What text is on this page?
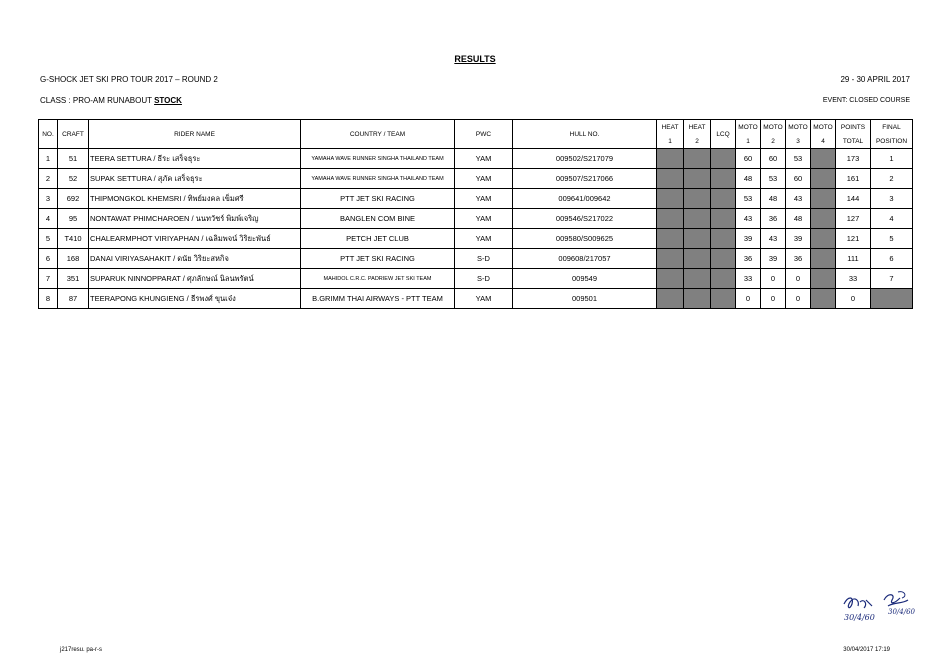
RESULTS
G-SHOCK JET SKI PRO TOUR 2017 – ROUND 2	29 - 30 APRIL 2017
CLASS : PRO-AM RUNABOUT STOCK	EVENT: CLOSED COURSE
NO.	CRAFT	RIDER NAME	COUNTRY / TEAM	PWC	HULL NO.	HEAT	HEAT	LCQ	MOTO	MOTO	MOTO	MOTO	POINTS	FINAL
						1	2		1	2	3	4	TOTAL	POSITION
1	51	TEERA SETTURA / ธีระ เสร็จธุระ	YAMAHA WAVE RUNNER SINGHA THAILAND TEAM	YAM	009502/S217079				60	60	53		173	1
2	52	SUPAK SETTURA / สุภัค เสร็จธุระ	YAMAHA WAVE RUNNER SINGHA THAILAND TEAM	YAM	009507/S217066				48	53	60		161	2
3	692	THIPMONGKOL KHEMSRI / ทิพย์มงคล เข็มศรี	PTT JET SKI RACING	YAM	009641/009642				53	48	43		144	3
4	95	NONTAWAT PHIMCHAROEN / นนทวัชร์ พิมพ์เจริญ	BANGLEN COM BINE	YAM	009546/S217022				43	36	48		127	4
5	T410	CHALEARMPHOT VIRIYAPHAN / เฉลิมพจน์ วิริยะพันธ์	PETCH JET CLUB	YAM	009580/S009625				39	43	39		121	5
6	168	DANAI VIRIYASAHAKIT / ดนัย วิริยะสหกิจ	PTT JET SKI RACING	S-D	009608/217057				36	39	36		111	6
7	351	SUPARUK NINNOPPARAT / ศุภลักษณ์ นิลนพรัตน์	MAHIDOL C.R.C. PADRIEW JET SKI TEAM	S-D	009549				33	0	0		33	7
8	87	TEERAPONG KHUNGIENG / ธีรพงศ์ ขุนเจ๋ง	B.GRIMM THAI AIRWAYS - PTT TEAM	YAM	009501				0	0	0		0	
30/4/60
30/4/60
j217resu. pa-r-s	30/04/2017 17:19
